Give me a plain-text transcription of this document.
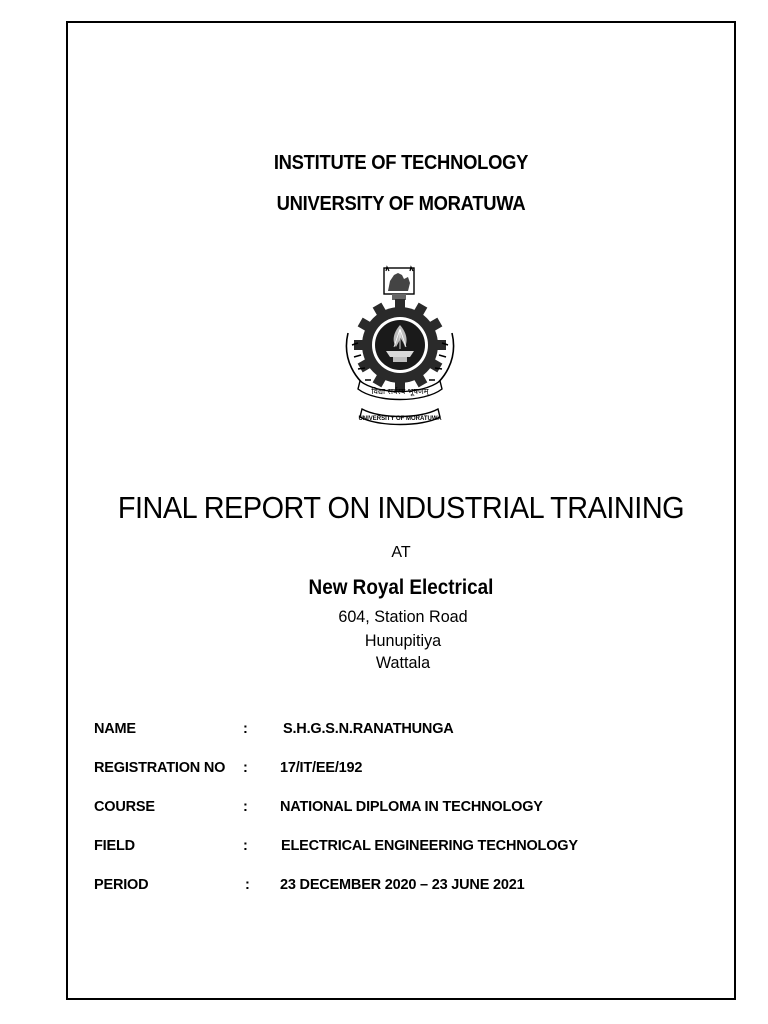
INSTITUTE OF TECHNOLOGY
UNIVERSITY OF MORATUWA
विद्या सर्वस्य भूषणम्
UNIVERSITY OF MORATUWA
FINAL REPORT ON INDUSTRIAL TRAINING
AT
New Royal Electrical
604, Station Road
Hunupitiya
Wattala
NAME	: S.H.G.S.N.RANATHUNGA
REGISTRATION NO : 17/IT/EE/192
COURSE	: NATIONAL DIPLOMA IN TECHNOLOGY
FIELD	: ELECTRICAL ENGINEERING TECHNOLOGY
PERIOD	: 23 DECEMBER 2020 – 23 JUNE 2021
